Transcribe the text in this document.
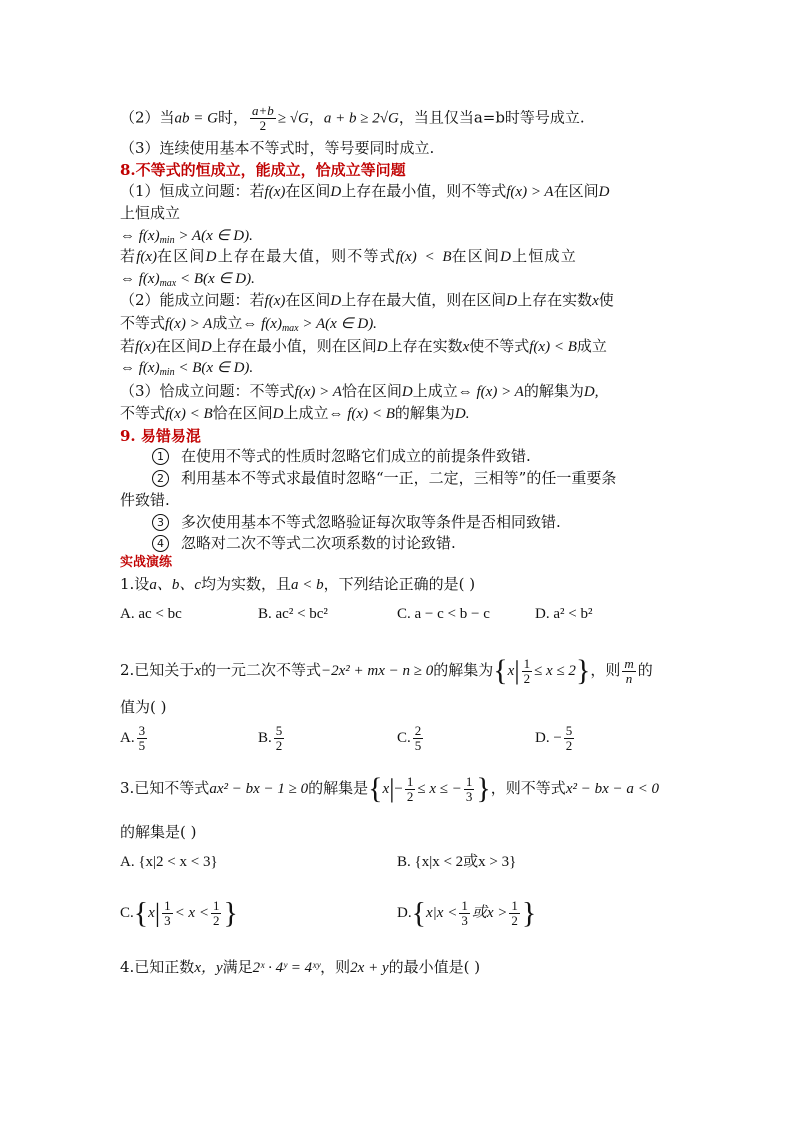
（2）当ab = G时， $\frac{a+b}{2} \ge √G$，a + b ≥ 2√G，当且仅当a=b时等号成立.
（3）连续使用基本不等式时，等号要同时成立.
8.不等式的恒成立，能成立，恰成立等问题
（1）恒成立问题：若f(x)在区间D上存在最小值，则不等式f(x) > A在区间D
上恒成立
⇔ $f(x)_{min} > A(x$ ∈ D).
若f(x)在区间D上存在最大值，则不等式f(x) < B在区间D上恒成立
⇔ $f(x)_{max} < B(x$ ∈ D).
（2）能成立问题：若f(x)在区间D上存在最大值，则在区间D上存在实数x使
不等式f(x) > A成立⇔ $f(x)_{max} > A(x$ ∈ D).
若f(x)在区间D上存在最小值，则在区间D上存在实数x使不等式f(x) < B成立
⇔ $f(x)_{min} < B(x$ ∈ D).
（3）恰成立问题：不等式f(x) > A恰在区间D上成立⇔ f(x) > A的解集为D,
不等式f(x) < B恰在区间D上成立⇔ f(x) < B的解集为D.
9. 易错易混
1 在使用不等式的性质时忽略它们成立的前提条件致错.
2 利用基本不等式求最值时忽略“一正，二定，三相等”的任一重要条
件致错.
3 多次使用基本不等式忽略验证每次取等条件是否相同致错.
4 忽略对二次不等式二次项系数的讨论致错.
实战演练
1.设a、b、c均为实数，且a < b，下列结论正确的是( )
A. ac < bc	B. ac² < bc²	C. a − c < b − c	D. a² < b²
2.已知关于x的一元二次不等式−2x² + mx − n ≥ 0的解集为$\{x| \frac{1}{2} \le x \le 2\}$，则 $\frac{m}{n}$ 的
值为( )
A. $\frac{3}{5}$	B. $\frac{5}{2}$	C. $\frac{2}{5}$	D. − $\frac{5}{2}$
3.已知不等式ax² − bx − 1 ≥ 0的解集是{$x|- \frac{1}{2} \le x$ ≤ − $\frac{1}{3}$ }，则不等式x² − bx − a < 0
的解集是( )
A. {x|2 < x < 3}	B. {x|x < 2或x > 3}
$C.\{x| \frac{1}{3} < x < \frac{1}{2}$ }	$D.\{x|x < \frac{1}{3}$ 或$x > \frac{1}{2}$ }
4.已知正数x，y满足2ˣ · 4ʸ = 4ˣʸ，则2x + y的最小值是( )
